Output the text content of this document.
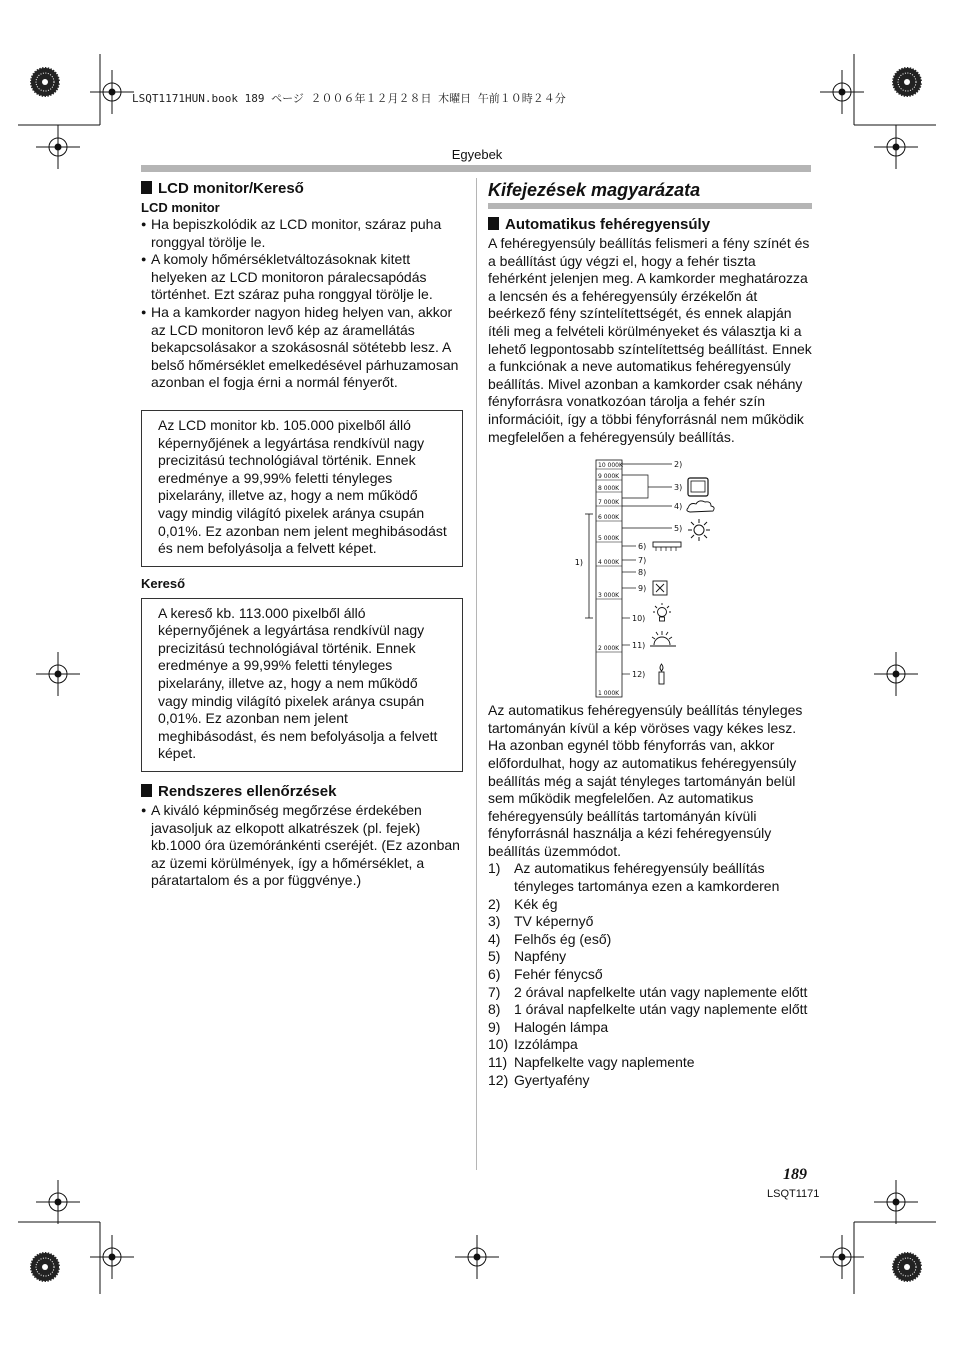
LSQT1171HUN.book 189 ページ ２００６年１２月２８日 木曜日 午前１０時２４分
Egyebek

LCD monitor/Kereső

LCD monitor

● Ha bepiszkolódik az LCD monitor, száraz puha ronggyal törölje le.

● A komoly hőmérsékletváltozásoknak kitett helyeken az LCD monitoron páralecsapódás történhet. Ezt száraz puha ronggyal törölje le.

● Ha a kamkorder nagyon hideg helyen van, akkor az LCD monitoron levő kép az áramellátás bekapcsolásakor a szokásosnál sötétebb lesz. A belső hőmérséklet emelkedésével párhuzamosan azonban el fogja érni a normál fényerőt.

Az LCD monitor kb. 105.000 pixelből álló képernyőjének a legyártása rendkívül nagy precizitású technológiával történik. Ennek eredménye a 99,99% feletti tényleges pixelarány, illetve az, hogy a nem működő vagy mindig világító pixelek aránya csupán 0,01%. Ez azonban nem jelent meghibásodást és nem befolyásolja a felvett képet.

Kereső

A kereső kb. 113.000 pixelből álló képernyőjének a legyártása rendkívül nagy precizitású technológiával történik. Ennek eredménye a 99,99% feletti tényleges pixelarány, illetve az, hogy a nem működő vagy mindig világító pixelek aránya csupán 0,01%. Ez azonban nem jelent meghibásodást, és nem befolyásolja a felvett képet.

Rendszeres ellenőrzések

● A kiváló képminőség megőrzése érdekében javasoljuk az elkopott alkatrészek (pl. fejek) kb.1000 óra üzemóránkénti cseréjét. (Ez azonban az üzemi körülmények, így a hőmérséklet, a páratartalom és a por függvénye.)

Kifejezések magyarázata

Automatikus fehéregyensúly

A fehéregyensúly beállítás felismeri a fény színét és a beállítást úgy végzi el, hogy a fehér tiszta fehérként jelenjen meg. A kamkorder meghatározza a lencsén és a fehéregyensúly érzékelőn át beérkező fény színtelítettségét, és ennek alapján ítéli meg a felvételi körülményeket és választja ki a lehető legpontosabb színtelítettség beállítást. Ennek a funkciónak a neve automatikus fehéregyensúly beállítás. Mivel azonban a kamkorder csak néhány fényforrásra vonatkozóan tárolja a fehér szín információit, így a többi fényforrásnál nem működik megfelelően a fehéregyensúly beállítás.

10 000K
9 000K
8 000K
7 000K
6 000K
5 000K
4 000K
3 000K
2 000K
1 000K
1)
2)
3)
4)
5)
6)
7)
8)
9)
10)
11)
12)

Az automatikus fehéregyensúly beállítás tényleges tartományán kívül a kép vöröses vagy kékes lesz. Ha azonban egynél több fényforrás van, akkor előfordulhat, hogy az automatikus fehéregyensúly beállítás még a saját tényleges tartományán belül sem működik megfelelően. Az automatikus fehéregyensúly beállítás tartományán kívüli fényforrásnál használja a kézi fehéregyensúly beállítás üzemmódot.

1) Az automatikus fehéregyensúly beállítás tényleges tartománya ezen a kamkorderen
2) Kék ég
3) TV képernyő
4) Felhős ég (eső)
5) Napfény
6) Fehér fénycső
7) 2 órával napfelkelte után vagy naplemente előtt
8) 1 órával napfelkelte után vagy naplemente előtt
9) Halogén lámpa
10) Izzólámpa
11) Napfelkelte vagy naplemente
12) Gyertyafény
189
LSQT1171
